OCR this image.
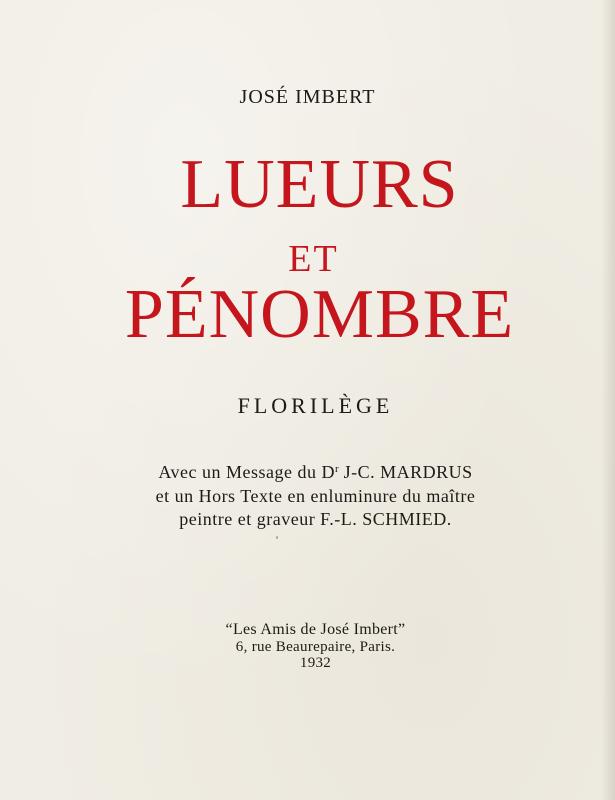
JOSÉ IMBERT
LUEURS
ET
PÉNOMBRE
FLORILÈGE
Avec un Message du $D^r$ J-C. MARDRUS
et un Hors Texte en enluminure du maître
peintre et graveur F.-L. SCHMIED.
“Les Amis de José Imbert”
6, rue Beaurepaire, Paris.
1932
